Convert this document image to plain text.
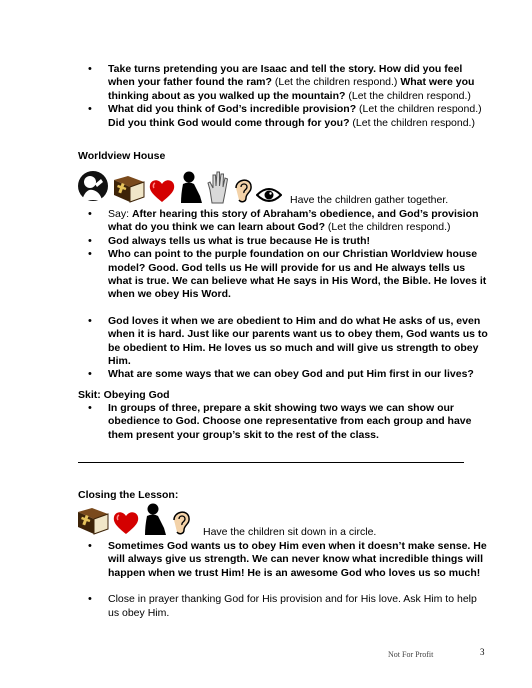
• Take turns pretending you are Isaac and tell the story. How did you feel when your father found the ram? (Let the children respond.) What were you thinking about as you walked up the mountain? (Let the children respond.)
• What did you think of God’s incredible provision? (Let the children respond.) Did you think God would come through for you? (Let the children respond.)
Worldview House
Have the children gather together.
• Say: After hearing this story of Abraham’s obedience, and God’s provision what do you think we can learn about God? (Let the children respond.)
• God always tells us what is true because He is truth!
• Who can point to the purple foundation on our Christian Worldview house model? Good. God tells us He will provide for us and He always tells us what is true. We can believe what He says in His Word, the Bible. He loves it when we obey His Word.
• God loves it when we are obedient to Him and do what He asks of us, even when it is hard. Just like our parents want us to obey them, God wants us to be obedient to Him. He loves us so much and will give us strength to obey Him.
• What are some ways that we can obey God and put Him first in our lives?
Skit: Obeying God
• In groups of three, prepare a skit showing two ways we can show our obedience to God. Choose one representative from each group and have them present your group’s skit to the rest of the class.
Closing the Lesson:
Have the children sit down in a circle.
• Sometimes God wants us to obey Him even when it doesn’t make sense. He will always give us strength. We can never know what incredible things will happen when we trust Him! He is an awesome God who loves us so much!
• Close in prayer thanking God for His provision and for His love. Ask Him to help us obey Him.
Not For Profit	3
